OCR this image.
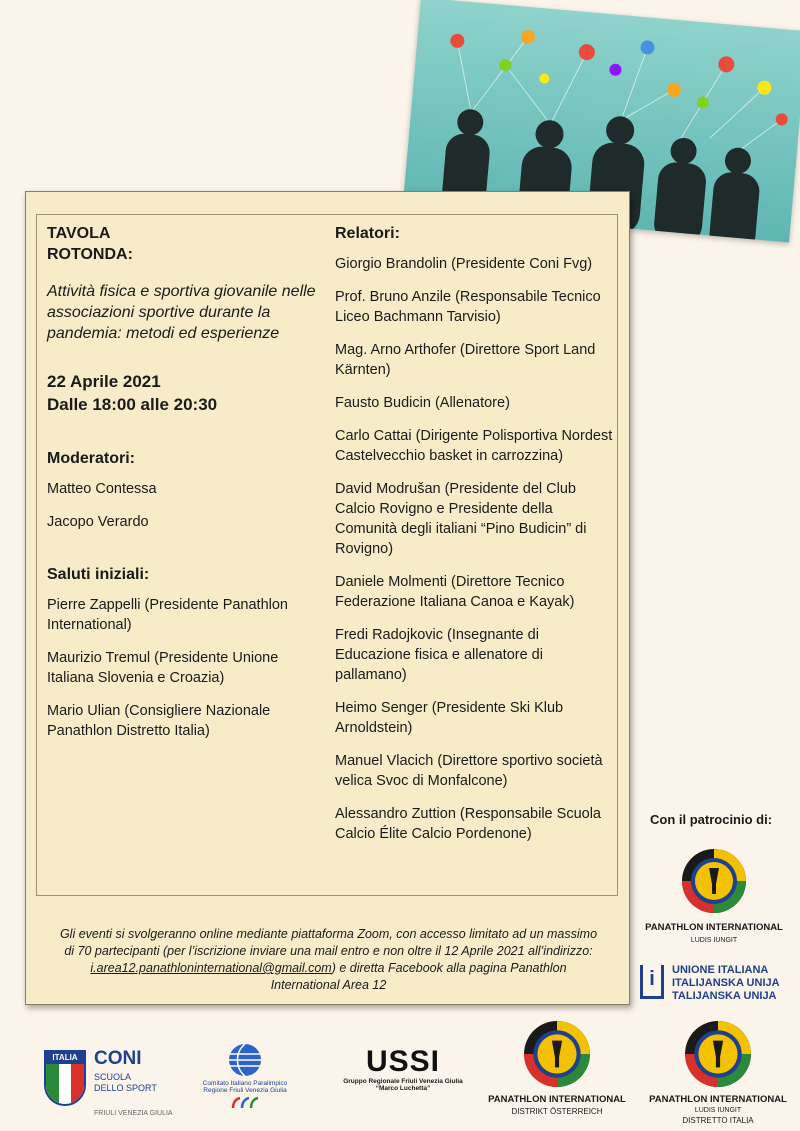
TAVOLA ROTONDA:

Attività fisica e sportiva giovanile nelle associazioni sportive durante la pandemia: metodi ed esperienze

22 Aprile 2021
Dalle 18:00 alle 20:30

Moderatori:

Matteo Contessa

Jacopo Verardo

Saluti iniziali:

Pierre Zappelli (Presidente Panathlon International)

Maurizio Tremul (Presidente Unione Italiana Slovenia e Croazia)

Mario Ulian (Consigliere Nazionale Panathlon Distretto Italia)

Relatori:

Giorgio Brandolin (Presidente Coni Fvg)

Prof. Bruno Anzile (Responsabile Tecnico Liceo Bachmann Tarvisio)

Mag. Arno Arthofer (Direttore Sport Land Kärnten)

Fausto Budicin (Allenatore)

Carlo Cattai (Dirigente Polisportiva Nordest Castelvecchio basket in carrozzina)

David Modrušan (Presidente del Club Calcio Rovigno e Presidente della Comunità degli italiani “Pino Budicin” di Rovigno)

Daniele Molmenti (Direttore Tecnico Federazione Italiana Canoa e Kayak)

Fredi Radojkovic (Insegnante di Educazione fisica e allenatore di pallamano)

Heimo Senger (Presidente Ski Klub Arnoldstein)

Manuel Vlacich (Direttore sportivo società velica Svoc di Monfalcone)

Alessandro Zuttion (Responsabile Scuola Calcio Élite Calcio Pordenone)

Gli eventi si svolgeranno online mediante piattaforma Zoom, con accesso limitato ad un massimo di 70 partecipanti (per l’iscrizione inviare una mail entro e non oltre il 12 Aprile 2021 all’indirizzo: i.area12.panathloninternational@gmail.com) e diretta Facebook alla pagina Panathlon International Area 12
Con il patrocinio di:
PANATHLON INTERNATIONAL
LUDIS IUNGIT
i	UNIONE ITALIANA
ITALIJANSKA UNIJA
TALIJANSKA UNIJA
ITALIA CONI
SCUOLA
DELLO SPORT
FRIULI VENEZIA GIULIA
Comitato Italiano Paralimpico
Regione Friuli Venezia Giulia
USSI
Gruppo Regionale Friuli Venezia Giulia
“Marco Luchetta”
PANATHLON INTERNATIONAL
DISTRIKT ÖSTERREICH
PANATHLON INTERNATIONAL
LUDIS IUNGIT
DISTRETTO ITALIA
